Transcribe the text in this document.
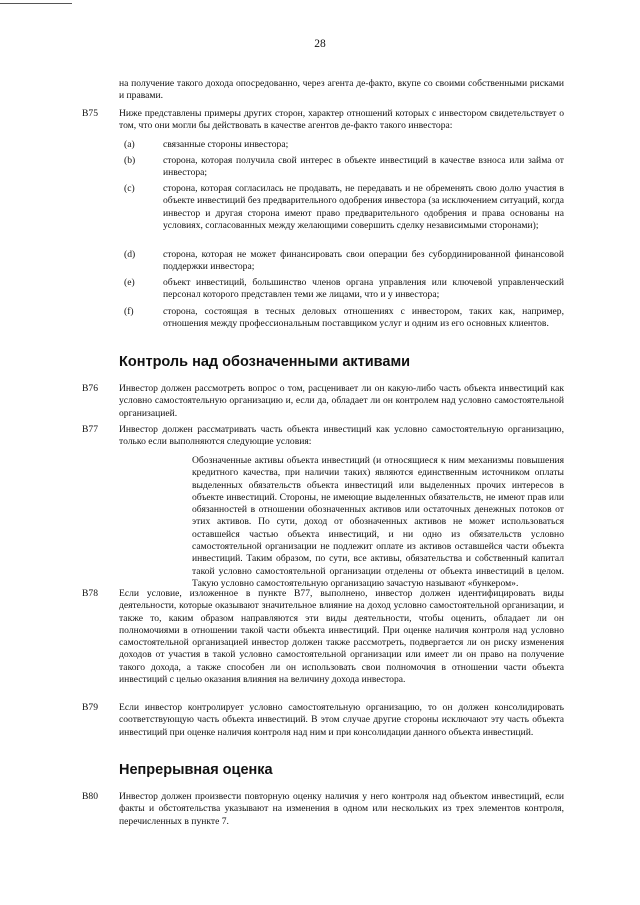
28
на получение такого дохода опосредованно, через агента де-факто, вкупе со своими собственными рисками и правами.
B75 Ниже представлены примеры других сторон, характер отношений которых с инвестором свидетельствует о том, что они могли бы действовать в качестве агентов де-факто такого инвестора:
(a)	связанные стороны инвестора;
(b)	сторона, которая получила свой интерес в объекте инвестиций в качестве взноса или займа от инвестора;
(c)	сторона, которая согласилась не продавать, не передавать и не обременять свою долю участия в объекте инвестиций без предварительного одобрения инвестора (за исключением ситуаций, когда инвестор и другая сторона имеют право предварительного одобрения и права основаны на условиях, согласованных между желающими совершить сделку независимыми сторонами);
(d)	сторона, которая не может финансировать свои операции без субординированной финансовой поддержки инвестора;
(e)	объект инвестиций, большинство членов органа управления или ключевой управленческий персонал которого представлен теми же лицами, что и у инвестора;
(f)	сторона, состоящая в тесных деловых отношениях с инвестором, таких как, например, отношения между профессиональным поставщиком услуг и одним из его основных клиентов.
Контроль над обозначенными активами
B76 Инвестор должен рассмотреть вопрос о том, расценивает ли он какую-либо часть объекта инвестиций как условно самостоятельную организацию и, если да, обладает ли он контролем над условно самостоятельной организацией.
B77 Инвестор должен рассматривать часть объекта инвестиций как условно самостоятельную организацию, только если выполняются следующие условия:
Обозначенные активы объекта инвестиций (и относящиеся к ним механизмы повышения кредитного качества, при наличии таких) являются единственным источником оплаты выделенных обязательств объекта инвестиций или выделенных прочих интересов в объекте инвестиций. Стороны, не имеющие выделенных обязательств, не имеют прав или обязанностей в отношении обозначенных активов или остаточных денежных потоков от этих активов. По сути, доход от обозначенных активов не может использоваться оставшейся частью объекта инвестиций, и ни одно из обязательств условно самостоятельной организации не подлежит оплате из активов оставшейся части объекта инвестиций. Таким образом, по сути, все активы, обязательства и собственный капитал такой условно самостоятельной организации отделены от объекта инвестиций в целом. Такую условно самостоятельную организацию зачастую называют «бункером».
B78 Если условие, изложенное в пункте B77, выполнено, инвестор должен идентифицировать виды деятельности, которые оказывают значительное влияние на доход условно самостоятельной организации, и также то, каким образом направляются эти виды деятельности, чтобы оценить, обладает ли он полномочиями в отношении такой части объекта инвестиций. При оценке наличия контроля над условно самостоятельной организацией инвестор должен также рассмотреть, подвергается ли он риску изменения доходов от участия в такой условно самостоятельной организации или имеет ли он право на получение такого дохода, а также способен ли он использовать свои полномочия в отношении части объекта инвестиций с целью оказания влияния на величину дохода инвестора.
B79 Если инвестор контролирует условно самостоятельную организацию, то он должен консолидировать соответствующую часть объекта инвестиций. В этом случае другие стороны исключают эту часть объекта инвестиций при оценке наличия контроля над ним и при консолидации данного объекта инвестиций.
Непрерывная оценка
B80 Инвестор должен произвести повторную оценку наличия у него контроля над объектом инвестиций, если факты и обстоятельства указывают на изменения в одном или нескольких из трех элементов контроля, перечисленных в пункте 7.
